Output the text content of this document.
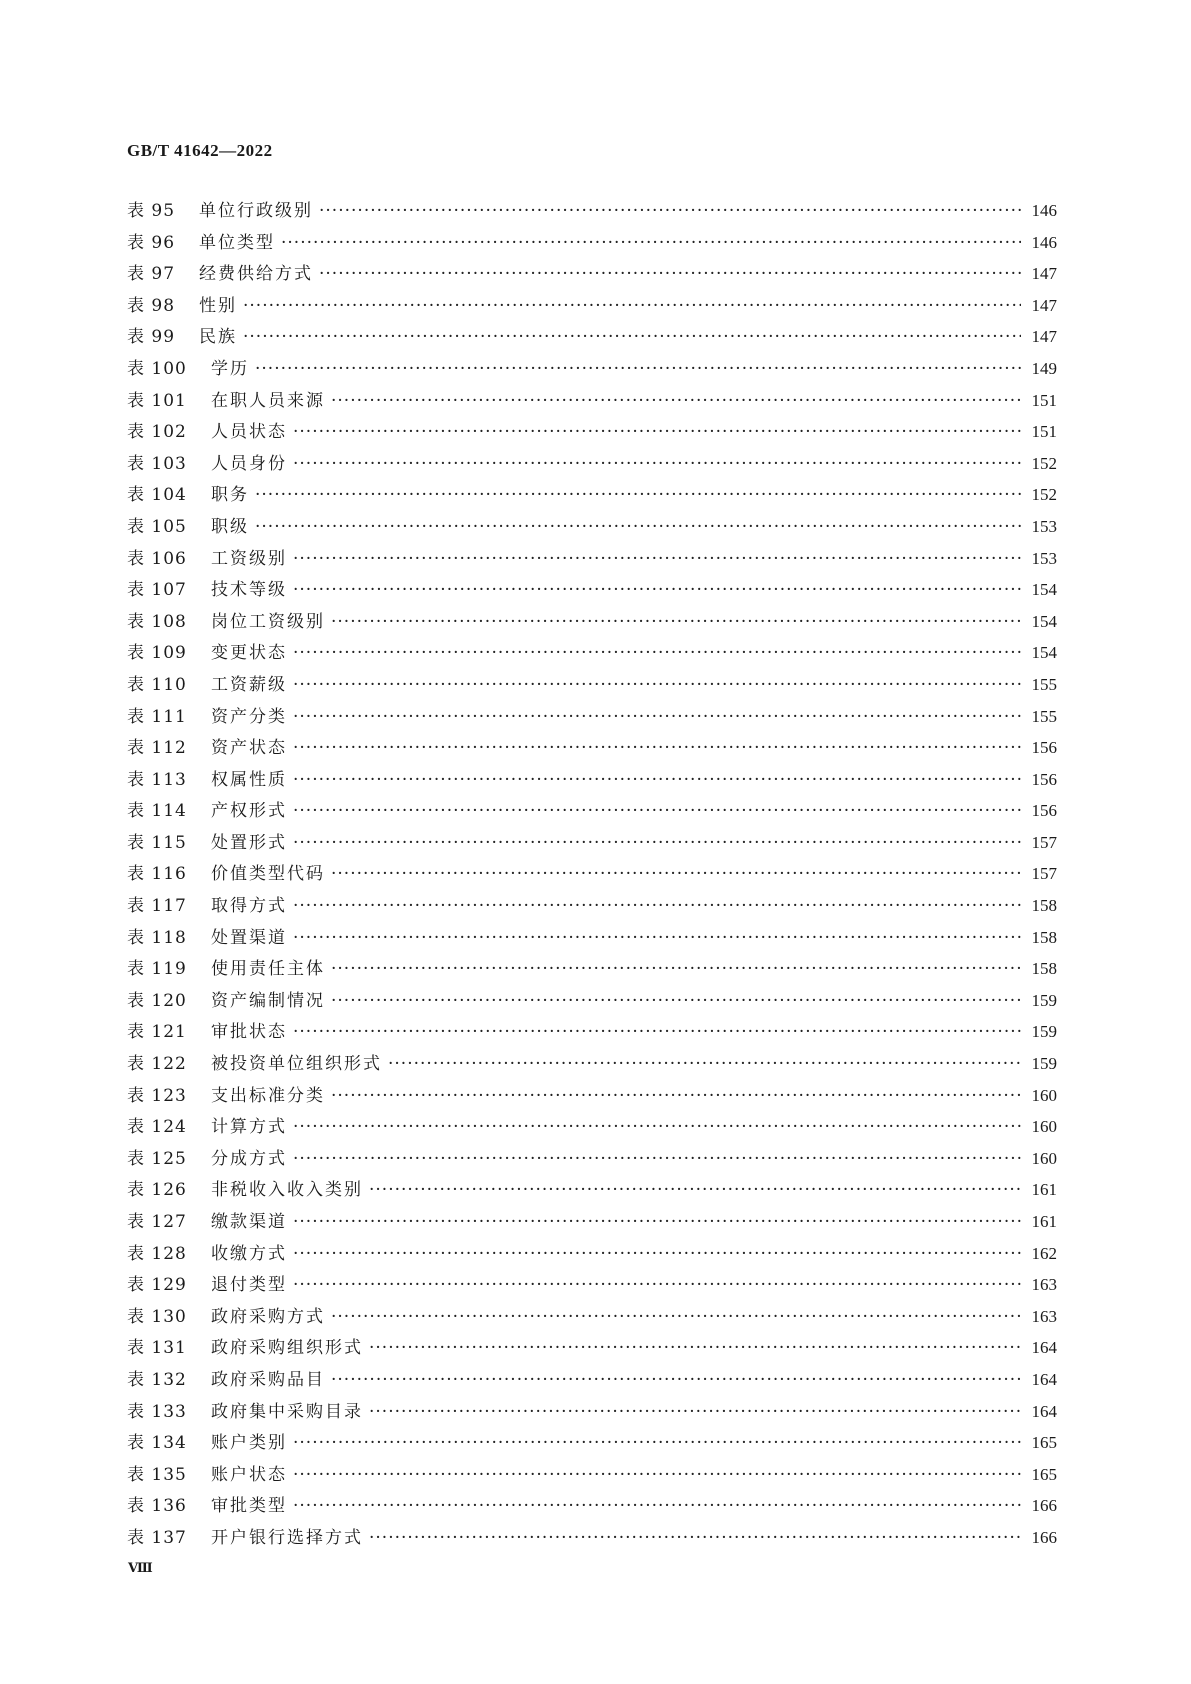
GB/T 41642—2022
表 95	单位行政级别 ·····	146
表 96	单位类型 ·····	146
表 97	经费供给方式 ·····	147
表 98	性别 ·····	147
表 99	民族 ·····	147
表 100	学历 ·····	149
表 101	在职人员来源 ·····	151
表 102	人员状态 ·····	151
表 103	人员身份 ·····	152
表 104	职务 ·····	152
表 105	职级 ·····	153
表 106	工资级别 ·····	153
表 107	技术等级 ·····	154
表 108	岗位工资级别 ·····	154
表 109	变更状态 ·····	154
表 110	工资薪级 ·····	155
表 111	资产分类 ·····	155
表 112	资产状态 ·····	156
表 113	权属性质 ·····	156
表 114	产权形式 ·····	156
表 115	处置形式 ·····	157
表 116	价值类型代码 ·····	157
表 117	取得方式 ·····	158
表 118	处置渠道 ·····	158
表 119	使用责任主体 ·····	158
表 120	资产编制情况 ·····	159
表 121	审批状态 ·····	159
表 122	被投资单位组织形式 ·····	159
表 123	支出标准分类 ·····	160
表 124	计算方式 ·····	160
表 125	分成方式 ·····	160
表 126	非税收入收入类别 ·····	161
表 127	缴款渠道 ·····	161
表 128	收缴方式 ·····	162
表 129	退付类型 ·····	163
表 130	政府采购方式 ·····	163
表 131	政府采购组织形式 ·····	164
表 132	政府采购品目 ·····	164
表 133	政府集中采购目录 ·····	164
表 134	账户类别 ·····	165
表 135	账户状态 ·····	165
表 136	审批类型 ·····	166
表 137	开户银行选择方式 ·····	166
Ⅷ
